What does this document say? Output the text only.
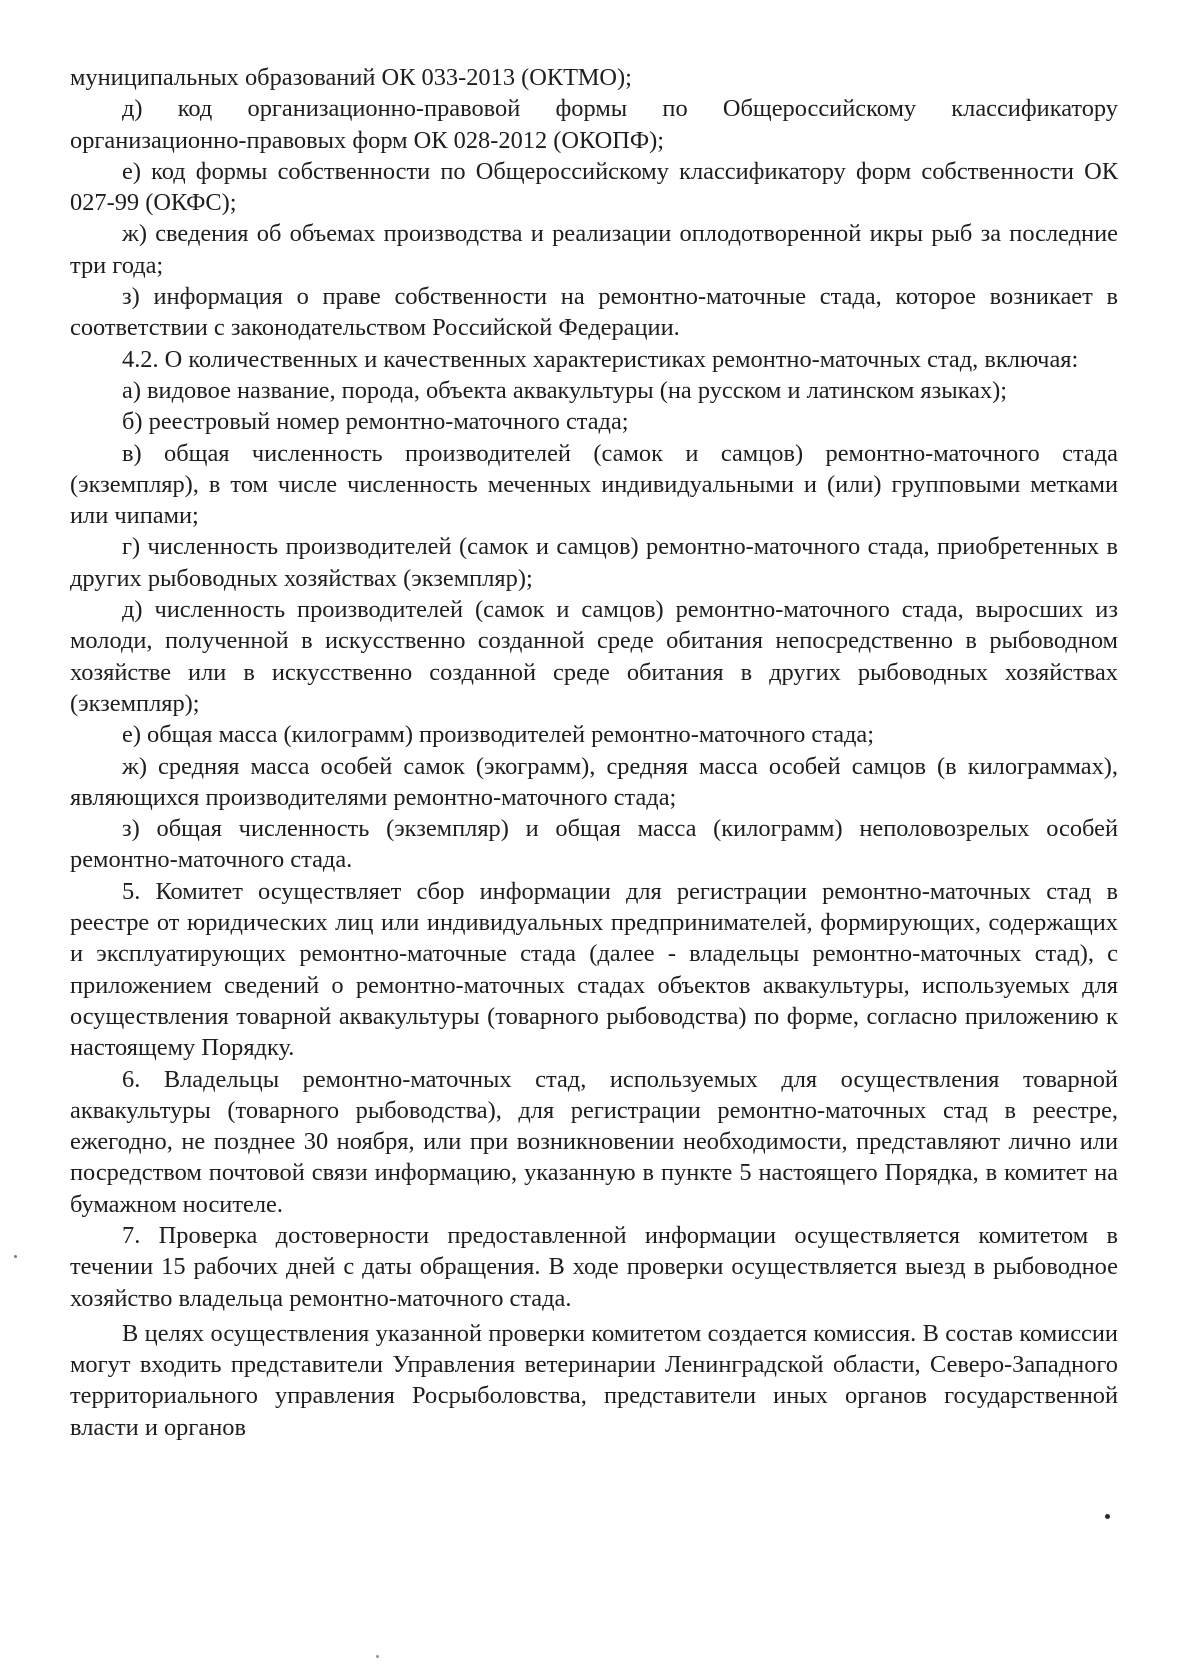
муниципальных образований ОК 033-2013 (ОКТМО);

д) код организационно-правовой формы по Общероссийскому классификатору организационно-правовых форм ОК 028-2012 (ОКОПФ);

е) код формы собственности по Общероссийскому классификатору форм собственности ОК 027-99 (ОКФС);

ж) сведения об объемах производства и реализации оплодотворенной икры рыб за последние три года;

з) информация о праве собственности на ремонтно-маточные стада, которое возникает в соответствии с законодательством Российской Федерации.

4.2. О количественных и качественных характеристиках ремонтно-маточных стад, включая:

а) видовое название, порода, объекта аквакультуры (на русском и латинском языках);

б) реестровый номер ремонтно-маточного стада;

в) общая численность производителей (самок и самцов) ремонтно-маточного стада (экземпляр), в том числе численность меченных индивидуальными и (или) групповыми метками или чипами;

г) численность производителей (самок и самцов) ремонтно-маточного стада, приобретенных в других рыбоводных хозяйствах (экземпляр);

д) численность производителей (самок и самцов) ремонтно-маточного стада, выросших из молоди, полученной в искусственно созданной среде обитания непосредственно в рыбоводном хозяйстве или в искусственно созданной среде обитания в других рыбоводных хозяйствах (экземпляр);

е) общая масса (килограмм) производителей ремонтно-маточного стада;

ж) средняя масса особей самок (экограмм), средняя масса особей самцов (в килограммах), являющихся производителями ремонтно-маточного стада;

з) общая численность (экземпляр) и общая масса (килограмм) неполовозрелых особей ремонтно-маточного стада.

5. Комитет осуществляет сбор информации для регистрации ремонтно-маточных стад в реестре от юридических лиц или индивидуальных предпринимателей, формирующих, содержащих и эксплуатирующих ремонтно-маточные стада (далее - владельцы ремонтно-маточных стад), с приложением сведений о ремонтно-маточных стадах объектов аквакультуры, используемых для осуществления товарной аквакультуры (товарного рыбоводства) по форме, согласно приложению к настоящему Порядку.

6. Владельцы ремонтно-маточных стад, используемых для осуществления товарной аквакультуры (товарного рыбоводства), для регистрации ремонтно-маточных стад в реестре, ежегодно, не позднее 30 ноября, или при возникновении необходимости, представляют лично или посредством почтовой связи информацию, указанную в пункте 5 настоящего Порядка, в комитет на бумажном носителе.

7. Проверка достоверности предоставленной информации осуществляется комитетом в течении 15 рабочих дней с даты обращения. В ходе проверки осуществляется выезд в рыбоводное хозяйство владельца ремонтно-маточного стада.

В целях осуществления указанной проверки комитетом создается комиссия. В состав комиссии могут входить представители Управления ветеринарии Ленинградской области, Северо-Западного территориального управления Росрыболовства, представители иных органов государственной власти и органов
